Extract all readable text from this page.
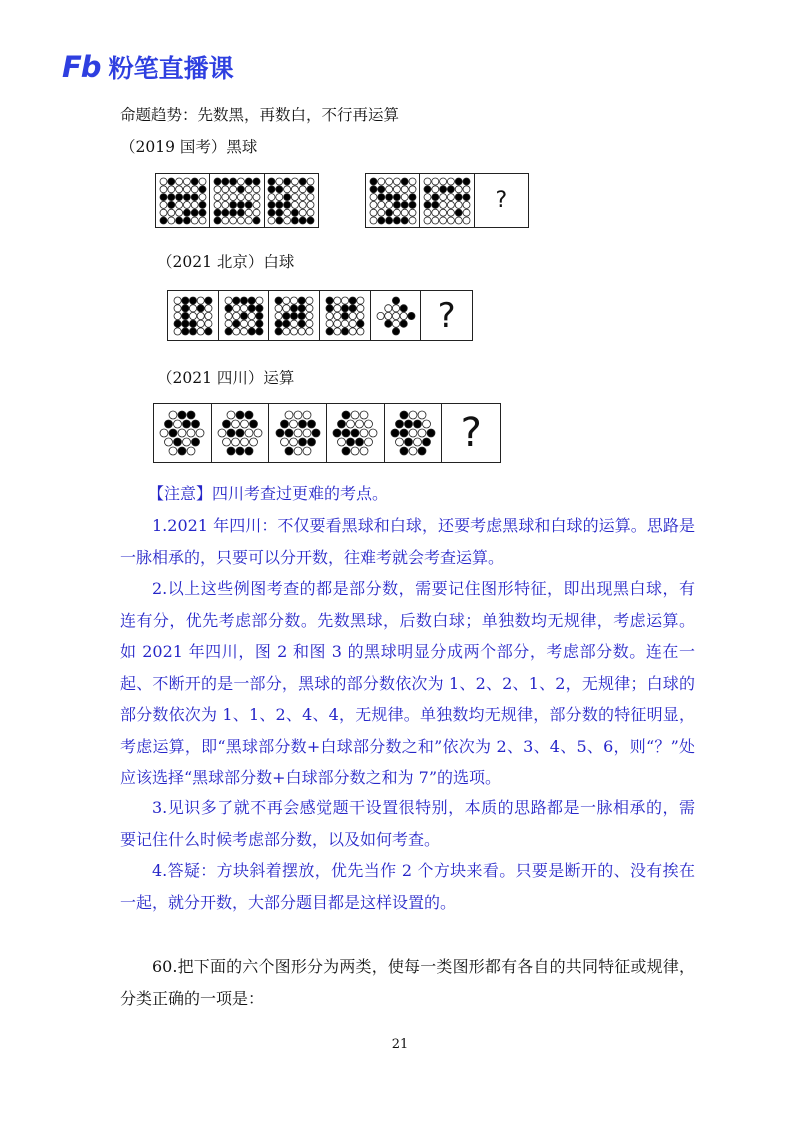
Fb 粉笔直播课
命题趋势：先数黑，再数白，不行再运算
（2019 国考）黑球
?
（2021 北京）白球
?
（2021 四川）运算
?
【注意】四川考查过更难的考点。
1.2021 年四川：不仅要看黑球和白球，还要考虑黑球和白球的运算。思路是一脉相承的，只要可以分开数，往难考就会考查运算。
2.以上这些例图考查的都是部分数，需要记住图形特征，即出现黑白球，有连有分，优先考虑部分数。先数黑球，后数白球；单独数均无规律，考虑运算。如 2021 年四川，图 2 和图 3 的黑球明显分成两个部分，考虑部分数。连在一起、不断开的是一部分，黑球的部分数依次为 1、2、2、1、2，无规律；白球的部分数依次为 1、1、2、4、4，无规律。单独数均无规律，部分数的特征明显，考虑运算，即“黑球部分数+白球部分数之和”依次为 2、3、4、5、6，则“？”处应该选择“黑球部分数+白球部分数之和为 7”的选项。
3.见识多了就不再会感觉题干设置很特别，本质的思路都是一脉相承的，需要记住什么时候考虑部分数，以及如何考查。
4.答疑：方块斜着摆放，优先当作 2 个方块来看。只要是断开的、没有挨在一起，就分开数，大部分题目都是这样设置的。
60.把下面的六个图形分为两类，使每一类图形都有各自的共同特征或规律，分类正确的一项是：
21
